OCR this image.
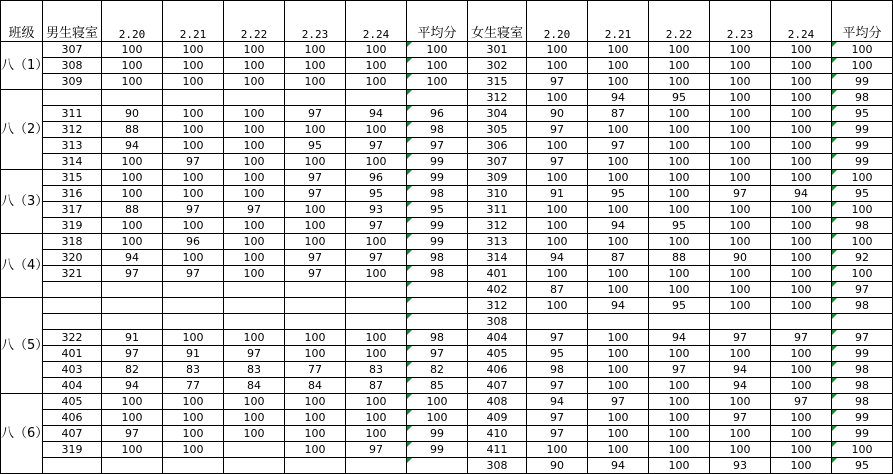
班级	男生寝室	2.20	2.21	2.22	2.23	2.24	平均分	女生寝室	2.20	2.21	2.22	2.23	2.24	平均分
八（1）	307	100	100	100	100	100	100	301	100	100	100	100	100	100
	308	100	100	100	100	100	100	302	100	100	100	100	100	100
	309	100	100	100	100	100	100	315	97	100	100	100	100	99
八（2）								312	100	94	95	100	100	98
	311	90	100	100	97	94	96	304	90	87	100	100	100	95
	312	88	100	100	100	100	98	305	97	100	100	100	100	99
	313	94	100	100	95	97	97	306	100	97	100	100	100	99
	314	100	97	100	100	100	99	307	97	100	100	100	100	99
八（3）	315	100	100	100	97	96	99	309	100	100	100	100	100	100
	316	100	100	100	97	95	98	310	91	95	100	97	94	95
	317	88	97	97	100	93	95	311	100	100	100	100	100	100
	319	100	100	100	100	97	99	312	100	94	95	100	100	98
八（4）	318	100	96	100	100	100	99	313	100	100	100	100	100	100
	320	94	100	100	97	97	98	314	94	87	88	90	100	92
	321	97	97	100	97	100	98	401	100	100	100	100	100	100
								402	87	100	100	100	100	97
八（5）								312	100	94	95	100	100	98
								308						
	322	91	100	100	100	100	98	404	97	100	94	97	97	97
	401	97	91	97	100	100	97	405	95	100	100	100	100	99
	403	82	83	83	77	83	82	406	98	100	97	94	100	98
	404	94	77	84	84	87	85	407	97	100	100	94	100	98
八（6）	405	100	100	100	100	100	100	408	94	97	100	100	97	98
	406	100	100	100	100	100	100	409	97	100	100	97	100	99
	407	97	100	100	100	100	99	410	97	100	100	100	100	99
	319	100	100		100	97	99	411	100	100	100	100	100	100
								308	90	94	100	93	100	95
